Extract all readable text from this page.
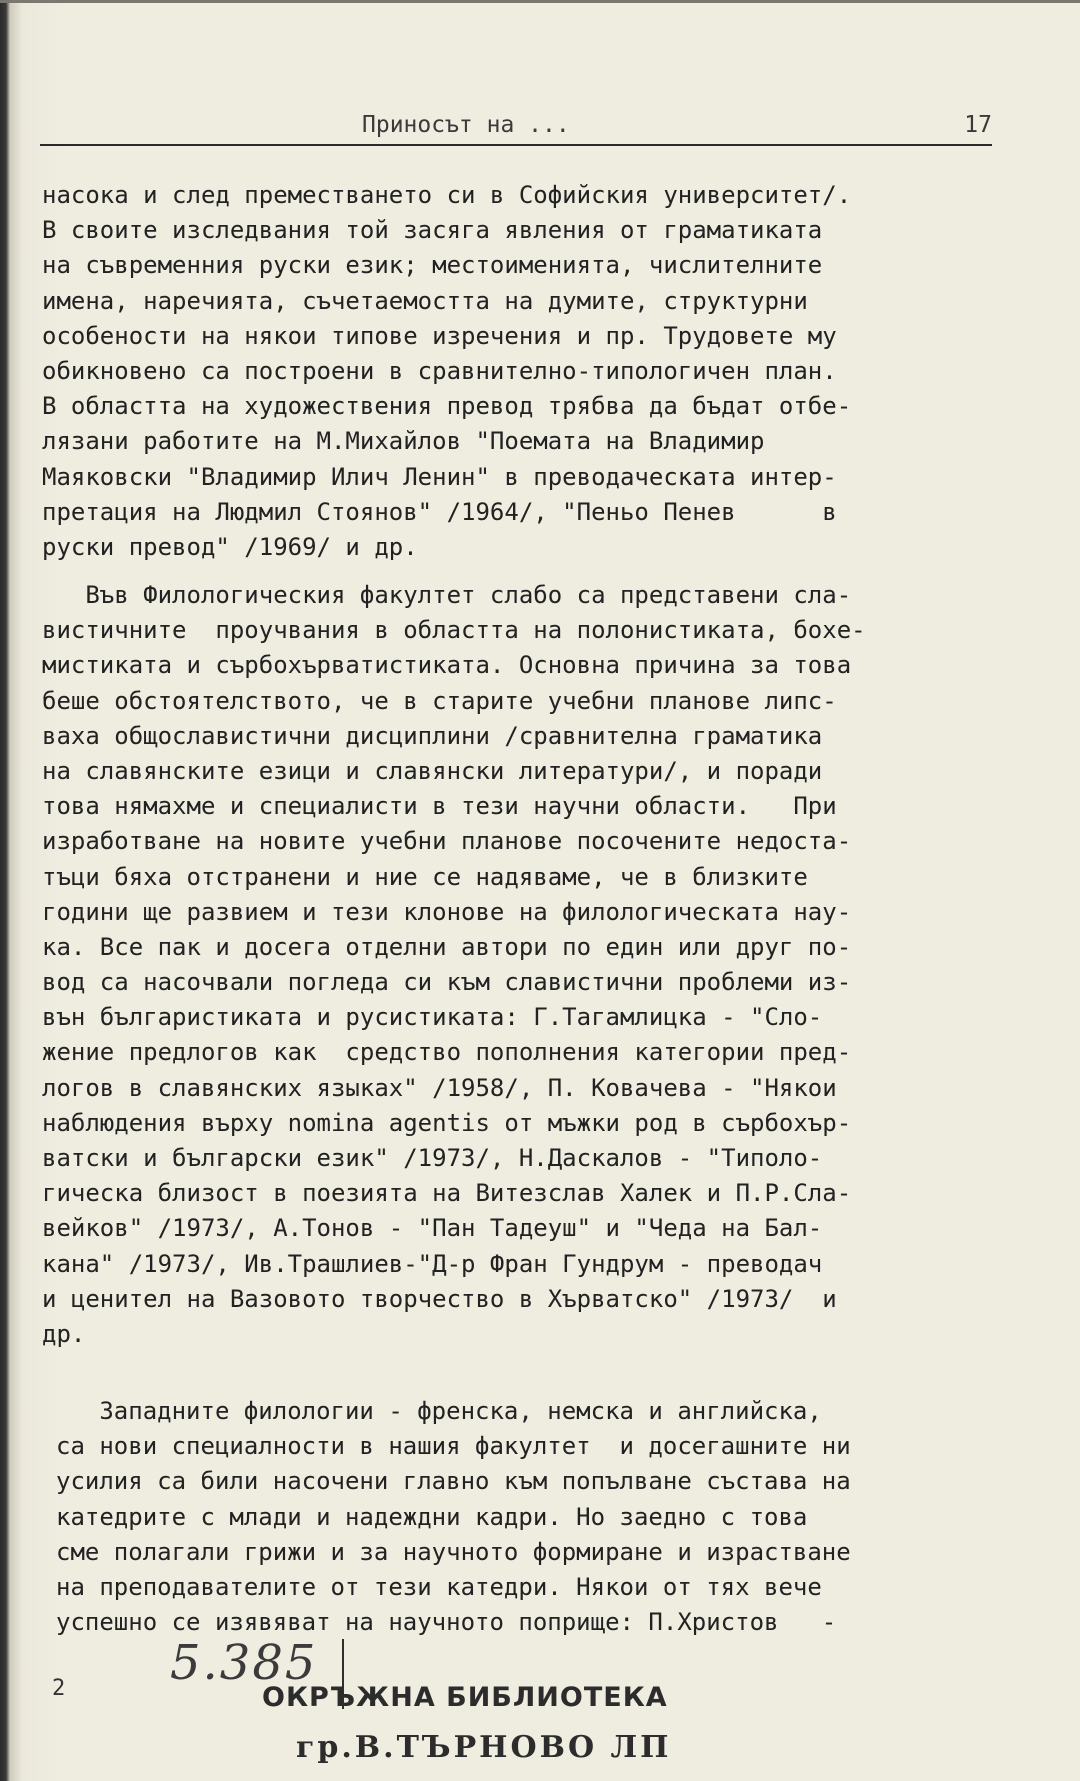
Приносът на ...	17
насока и след преместването си в Софийския университет/.
В своите изследвания той засяга явления от граматиката
на съвременния руски език; местоименията, числителните
имена, наречията, съчетаемостта на думите, структурни
особености на някои типове изречения и пр. Трудовете му
обикновено са построени в сравнително-типологичен план.
В областта на художествения превод трябва да бъдат отбе-
лязани работите на М.Михайлов "Поемата на Владимир
Маяковски "Владимир Илич Ленин" в преводаческата интер-
претация на Людмил Стоянов" /1964/, "Пеньо Пенев      в
руски превод" /1969/ и др.
Във Филологическия факултет слабо са представени сла-
вистичните  проучвания в областта на полонистиката, бохе-
мистиката и сърбохърватистиката. Основна причина за това
беше обстоятелството, че в старите учебни планове липс-
ваха общославистични дисциплини /сравнителна граматика
на славянските езици и славянски литератури/, и поради
това нямахме и специалисти в тези научни области.   При
изработване на новите учебни планове посочените недоста-
тъци бяха отстранени и ние се надяваме, че в близките
години ще развием и тези клонове на филологическата нау-
ка. Все пак и досега отделни автори по един или друг по-
вод са насочвали погледа си към славистични проблеми из-
вън българистиката и русистиката: Г.Тагамлицка - "Сло-
жение предлогов как  средство пополнения категории пред-
логов в славянских языках" /1958/, П. Ковачева - "Някои
наблюдения върху nomina agentis от мъжки род в сърбохър-
ватски и български език" /1973/, Н.Даскалов - "Типоло-
гическа близост в поезията на Витезслав Халек и П.Р.Сла-
вейков" /1973/, А.Тонов - "Пан Тадеуш" и "Чеда на Бал-
кана" /1973/, Ив.Трашлиев-"Д-р Фран Гундрум - преводач
и ценител на Вазовото творчество в Хърватско" /1973/  и
др.
Западните филологии - френска, немска и английска,
са нови специалности в нашия факултет  и досегашните ни
усилия са били насочени главно към попълване състава на
катедрите с млади и надеждни кадри. Но заедно с това
сме полагали грижи и за научното формиране и израстване
на преподавателите от тези катедри. Някои от тях вече
успешно се изявяват на научното поприще: П.Христов   -
2 5.385
ОКРЪЖНА БИБЛИОТЕКА
гр.В.ТЪРНОВО ЛП
